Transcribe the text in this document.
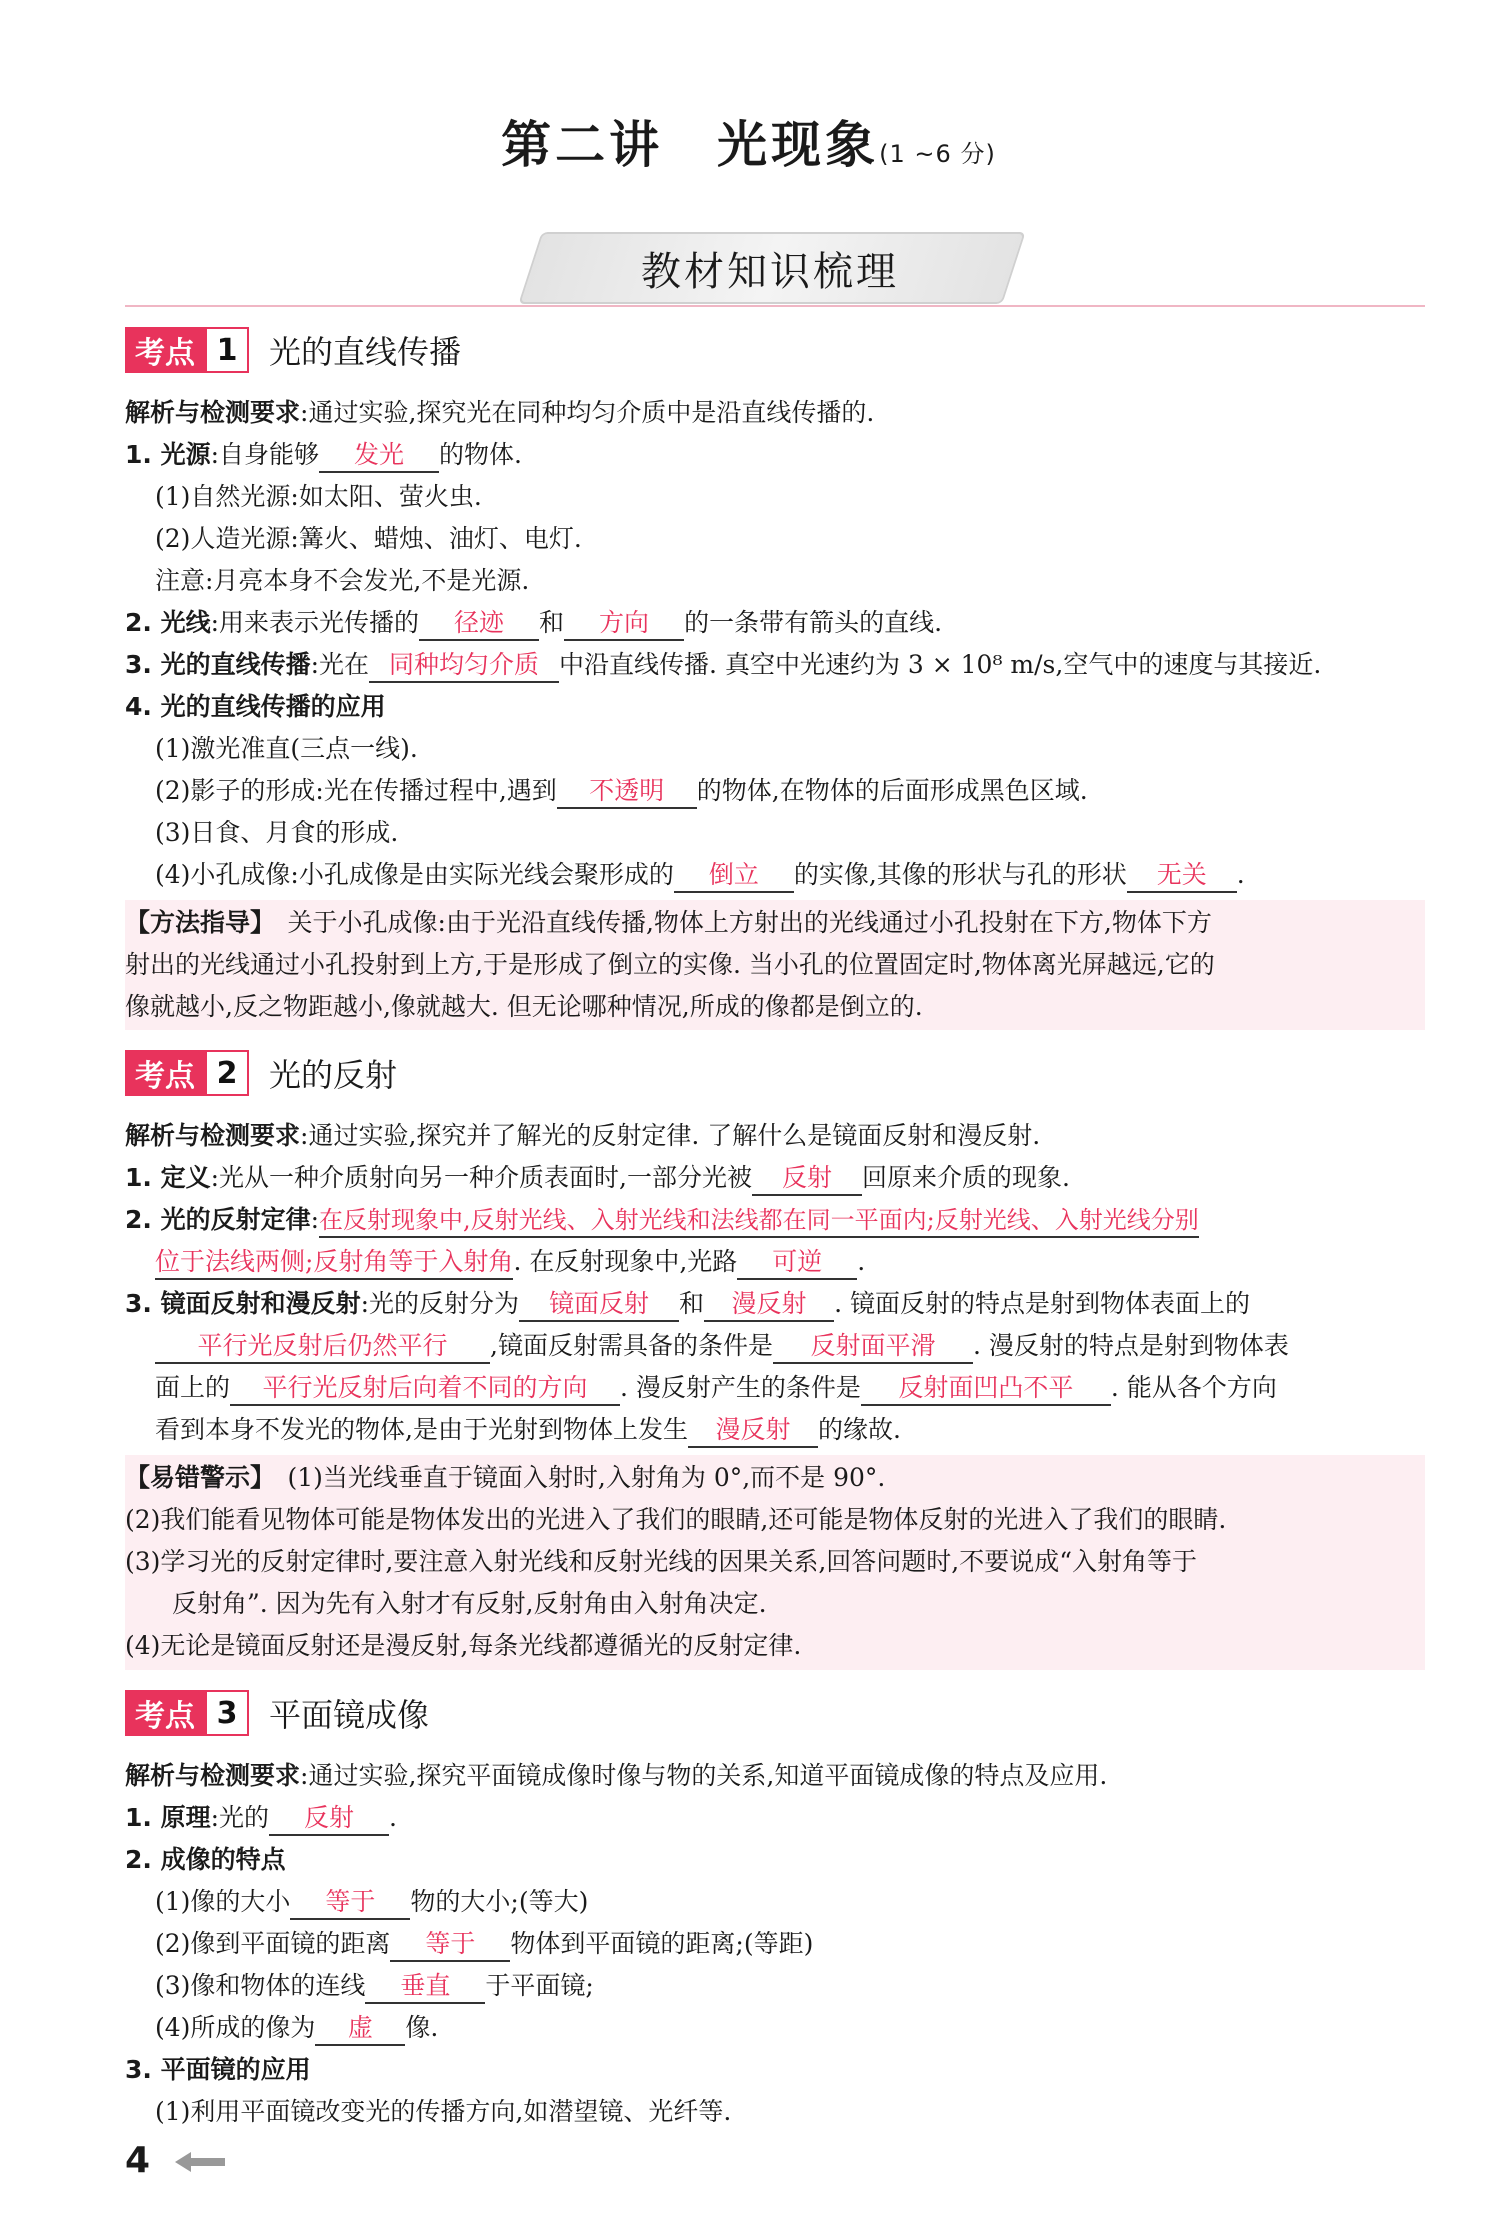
第二讲　光现象(1 ~6 分)
教材知识梳理
考点 1 光的直线传播
解析与检测要求:通过实验,探究光在同种均匀介质中是沿直线传播的.
1. 光源:自身能够 发光 的物体.
(1)自然光源:如太阳、萤火虫.
(2)人造光源:篝火、蜡烛、油灯、电灯.
注意:月亮本身不会发光,不是光源.
2. 光线:用来表示光传播的 径迹 和 方向 的一条带有箭头的直线.
3. 光的直线传播:光在 同种均匀介质 中沿直线传播. 真空中光速约为 3 × 10⁸ m/s,空气中的速度与其接近.
4. 光的直线传播的应用
(1)激光准直(三点一线).
(2)影子的形成:光在传播过程中,遇到 不透明 的物体,在物体的后面形成黑色区域.
(3)日食、月食的形成.
(4)小孔成像:小孔成像是由实际光线会聚形成的 倒立 的实像,其像的形状与孔的形状 无关 .
【方法指导】　关于小孔成像:由于光沿直线传播,物体上方射出的光线通过小孔投射在下方,物体下方
射出的光线通过小孔投射到上方,于是形成了倒立的实像. 当小孔的位置固定时,物体离光屏越远,它的
像就越小,反之物距越小,像就越大. 但无论哪种情况,所成的像都是倒立的.
考点 2 光的反射
解析与检测要求:通过实验,探究并了解光的反射定律. 了解什么是镜面反射和漫反射.
1. 定义:光从一种介质射向另一种介质表面时,一部分光被 反射 回原来介质的现象.
2. 光的反射定律:在反射现象中,反射光线、入射光线和法线都在同一平面内;反射光线、入射光线分别
位于法线两侧;反射角等于入射角. 在反射现象中,光路 可逆 .
3. 镜面反射和漫反射:光的反射分为 镜面反射 和 漫反射 . 镜面反射的特点是射到物体表面上的
平行光反射后仍然平行 ,镜面反射需具备的条件是 反射面平滑 . 漫反射的特点是射到物体表
面上的 平行光反射后向着不同的方向 . 漫反射产生的条件是 反射面凹凸不平 . 能从各个方向
看到本身不发光的物体,是由于光射到物体上发生 漫反射 的缘故.
【易错警示】　(1)当光线垂直于镜面入射时,入射角为 0°,而不是 90°.
(2)我们能看见物体可能是物体发出的光进入了我们的眼睛,还可能是物体反射的光进入了我们的眼睛.
(3)学习光的反射定律时,要注意入射光线和反射光线的因果关系,回答问题时,不要说成“入射角等于
反射角”. 因为先有入射才有反射,反射角由入射角决定.
(4)无论是镜面反射还是漫反射,每条光线都遵循光的反射定律.
考点 3 平面镜成像
解析与检测要求:通过实验,探究平面镜成像时像与物的关系,知道平面镜成像的特点及应用.
1. 原理:光的 反射 .
2. 成像的特点
(1)像的大小 等于 物的大小;(等大)
(2)像到平面镜的距离 等于 物体到平面镜的距离;(等距)
(3)像和物体的连线 垂直 于平面镜;
(4)所成的像为 虚 像.
3. 平面镜的应用
(1)利用平面镜改变光的传播方向,如潜望镜、光纤等.
4
